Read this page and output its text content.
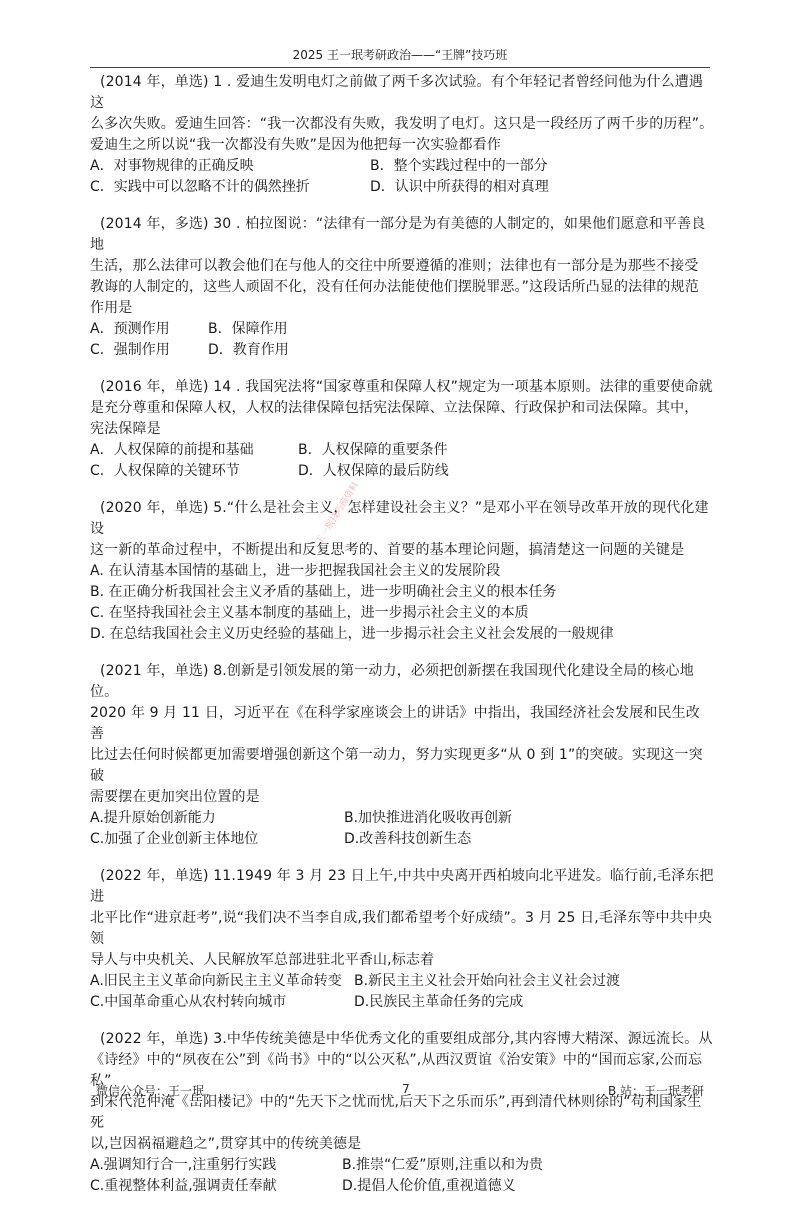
2025 王一珉考研政治——“王牌”技巧班

(2014 年，单选) 1 . 爱迪生发明电灯之前做了两千多次试验。有个年轻记者曾经问他为什么遭遇这

么多次失败。爱迪生回答：“我一次都没有失败，我发明了电灯。这只是一段经历了两千步的历程”。

爱迪生之所以说“我一次都没有失败”是因为他把每一次实验都看作

A．对事物规律的正确反映	B．整个实践过程中的一部分
C．实践中可以忽略不计的偶然挫折	D．认识中所获得的相对真理

(2014 年，多选) 30 . 柏拉图说：“法律有一部分是为有美德的人制定的，如果他们愿意和平善良地

生活，那么法律可以教会他们在与他人的交往中所要遵循的准则；法律也有一部分是为那些不接受

教诲的人制定的，这些人顽固不化，没有任何办法能使他们摆脱罪恶。”这段话所凸显的法律的规范

作用是

A．预测作用	B．保障作用
C．强制作用	D．教育作用

(2016 年，单选) 14 . 我国宪法将“国家尊重和保障人权”规定为一项基本原则。法律的重要使命就

是充分尊重和保障人权，人权的法律保障包括宪法保障、立法保障、行政保护和司法保障。其中，

宪法保障是

A．人权保障的前提和基础	B．人权保障的重要条件
C．人权保障的关键环节	D．人权保障的最后防线

(2020 年，单选) 5.“什么是社会主义，怎样建设社会主义？”是邓小平在领导改革开放的现代化建设

这一新的革命过程中，不断提出和反复思考的、首要的基本理论问题，搞清楚这一问题的关键是

A. 在认清基本国情的基础上，进一步把握我国社会主义的发展阶段
B. 在正确分析我国社会主义矛盾的基础上，进一步明确社会主义的根本任务
C. 在坚持我国社会主义基本制度的基础上，进一步揭示社会主义的本质
D. 在总结我国社会主义历史经验的基础上，进一步揭示社会主义社会发展的一般规律

(2021 年，单选) 8.创新是引领发展的第一动力，必须把创新摆在我国现代化建设全局的核心地位。

2020 年 9 月 11 日，习近平在《在科学家座谈会上的讲话》中指出，我国经济社会发展和民生改善

比过去任何时候都更加需要增强创新这个第一动力，努力实现更多“从 0 到 1”的突破。实现这一突破

需要摆在更加突出位置的是

A.提升原始创新能力	B.加快推进消化吸收再创新
C.加强了企业创新主体地位	D.改善科技创新生态

(2022 年，单选) 11.1949 年 3 月 23 日上午,中共中央离开西柏坡向北平进发。临行前,毛泽东把进

北平比作“进京赶考”,说“我们决不当李自成,我们都希望考个好成绩”。3 月 25 日,毛泽东等中共中央领

导人与中央机关、人民解放军总部进驻北平香山,标志着

A.旧民主主义革命向新民主主义革命转变 B.新民主主义社会开始向社会主义社会过渡
C.中国革命重心从农村转向城市	D.民族民主革命任务的完成

(2022 年，单选) 3.中华传统美德是中华优秀文化的重要组成部分,其内容博大精深、源远流长。从

《诗经》中的“夙夜在公”到《尚书》中的“以公灭私”,从西汉贾谊《治安策》中的“国而忘家,公而忘私”

到宋代范仲淹《岳阳楼记》中的“先天下之忧而忧,后天下之乐而乐”,再到清代林则徐的“苟利国家生死

以,岂因祸福避趋之”,贯穿其中的传统美德是

A.强调知行合一,注重躬行实践	B.推崇“仁爱”原则,注重以和为贵
C.重视整体利益,强调责任奉献	D.提倡人伦价值,重视道德义
王一珉技巧班资料
微信公众号：王一珉	7	B 站：王一珉考研
